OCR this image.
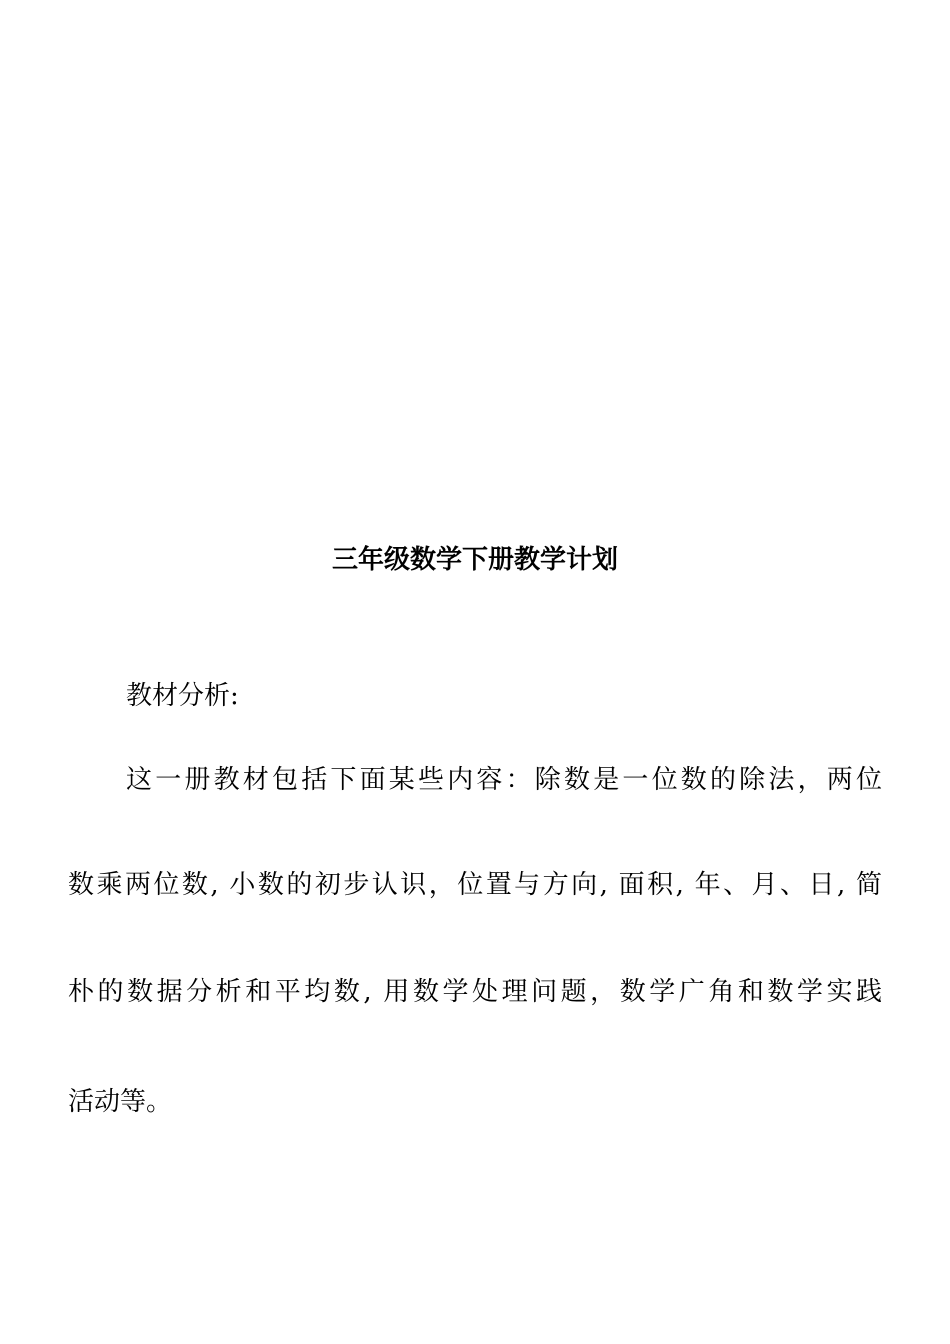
三年级数学下册教学计划
教材分析:
这一册教材包括下面某些内容：除数是一位数的除法，两位
数乘两位数, 小数的初步认识，位置与方向, 面积, 年、月、日, 简
朴的数据分析和平均数, 用数学处理问题，数学广角和数学实践
活动等。
